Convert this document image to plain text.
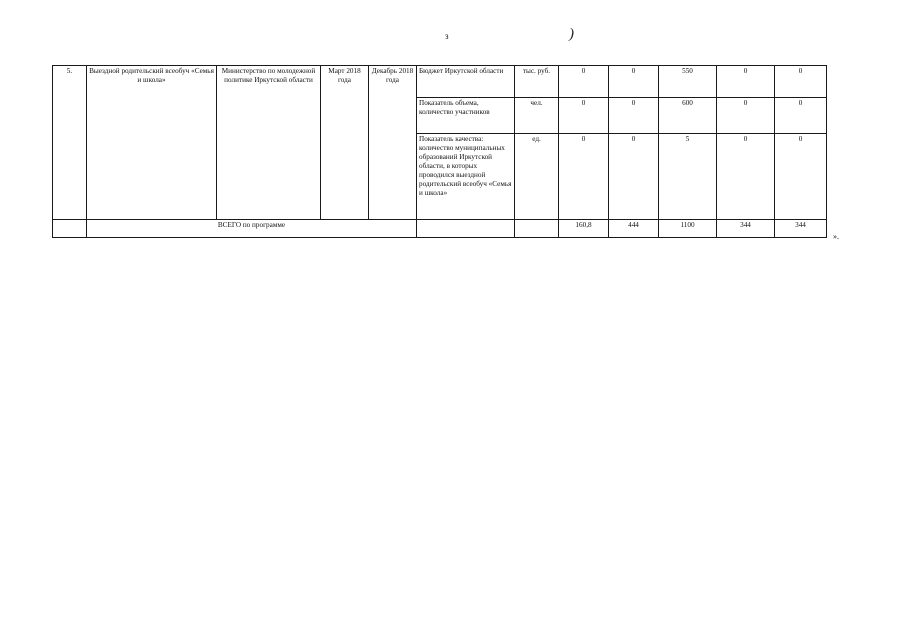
з	)
5.	Выездной родительский всеобуч «Семья и школа»	Министерство по молодежной политике Иркутской области	Март 2018 года	Декабрь 2018 года	Бюджет Иркутской области	тыс. руб.	0	0	550	0	0
					Показатель объема, количество участников	чел.	0	0	600	0	0
					Показатель качества: количество муниципальных образований Иркутской области, в которых проводился выездной родительский всеобуч «Семья и школа»	ед.	0	0	5	0	0
	ВСЕГО по программе						160,8	444	1100	344	344
».
